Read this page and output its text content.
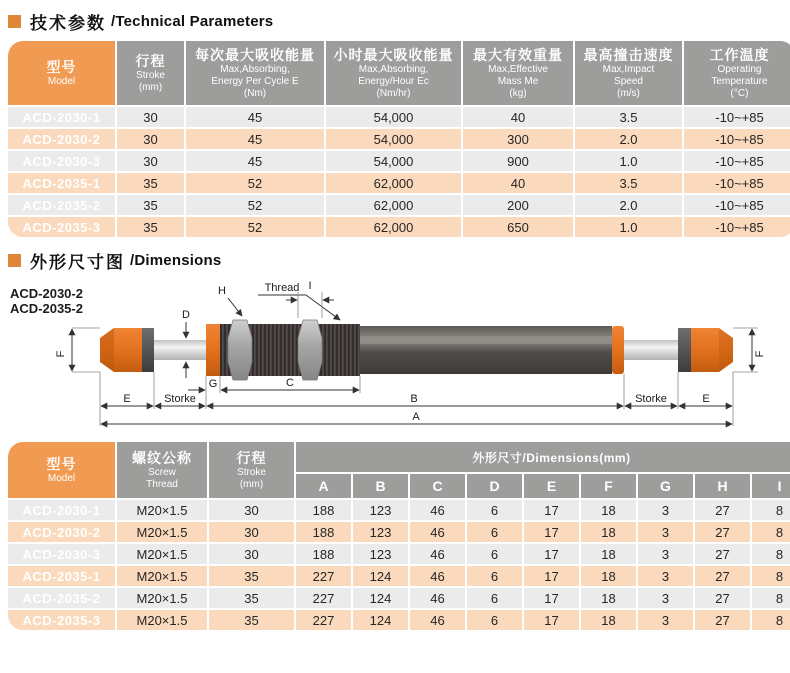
技术参数 /Technical Parameters
型号
Model	行程
Stroke
(mm)	每次最大吸收能量
Max,Absorbing,
Energy Per Cycle E
(Nm)	小时最大吸收能量
Max,Absorbing,
Energy/Hour Ec
(Nm/hr)	最大有效重量
Max,Effective
Mass Me
(kg)	最高撞击速度
Max,Impact
Speed
(m/s)	工作温度
Operating
Temperature
(°C)

ACD-2030-1	30	45	54,000	40	3.5	-10~+85
ACD-2030-2	30	45	54,000	300	2.0	-10~+85
ACD-2030-3	30	45	54,000	900	1.0	-10~+85
ACD-2035-1	35	52	62,000	40	3.5	-10~+85
ACD-2035-2	35	52	62,000	200	2.0	-10~+85
ACD-2035-3	35	52	62,000	650	1.0	-10~+85
外形尺寸图 /Dimensions
ACD-2030-2
ACD-2035-2
F
D
H	Thread I
F
G	C
E	Storke	B	Storke	E
A
型号
Model	螺纹公称
Screw
Thread	行程
Stroke
(mm)	外形尺寸/Dimensions(mm)								
			A	B	C	D	E	F	G	H	I
ACD-2030-1	M20×1.5	30	188	123	46	6	17	18	3	27	8
ACD-2030-2	M20×1.5	30	188	123	46	6	17	18	3	27	8
ACD-2030-3	M20×1.5	30	188	123	46	6	17	18	3	27	8
ACD-2035-1	M20×1.5	35	227	124	46	6	17	18	3	27	8
ACD-2035-2	M20×1.5	35	227	124	46	6	17	18	3	27	8
ACD-2035-3	M20×1.5	35	227	124	46	6	17	18	3	27	8
